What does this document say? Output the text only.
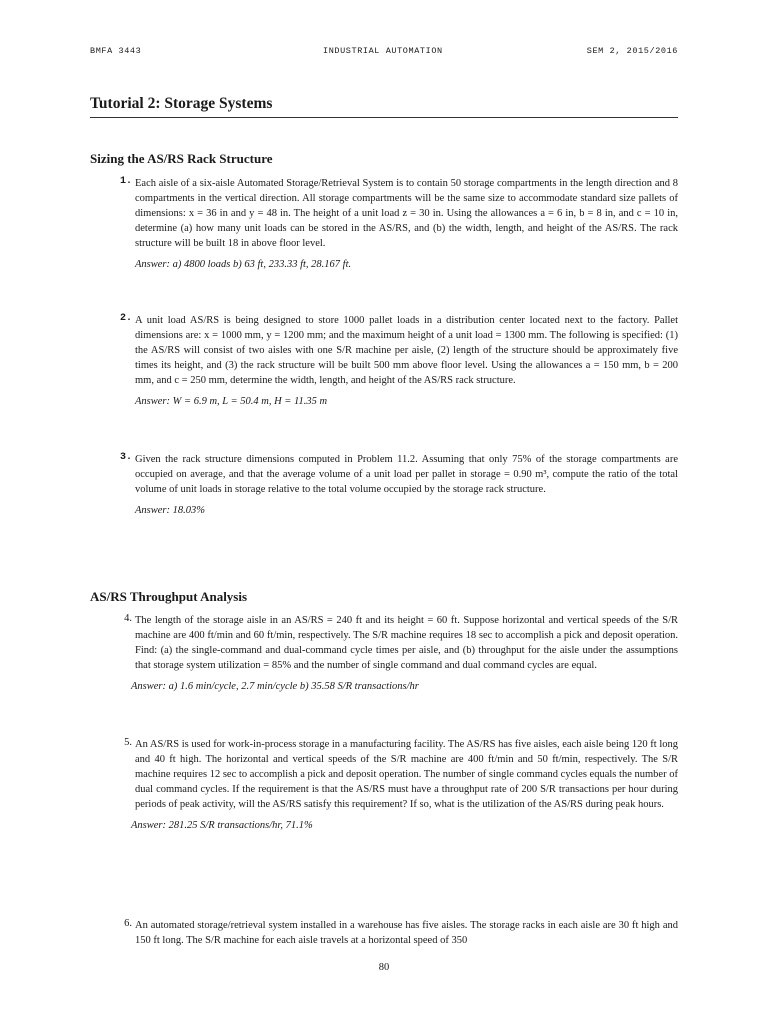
BMFA 3443	INDUSTRIAL AUTOMATION	SEM 2, 2015/2016
Tutorial 2: Storage Systems
Sizing the AS/RS Rack Structure
1. Each aisle of a six-aisle Automated Storage/Retrieval System is to contain 50 storage compartments in the length direction and 8 compartments in the vertical direction. All storage compartments will be the same size to accommodate standard size pallets of dimensions: x = 36 in and y = 48 in. The height of a unit load z = 30 in. Using the allowances a = 6 in, b = 8 in, and c = 10 in, determine (a) how many unit loads can be stored in the AS/RS, and (b) the width, length, and height of the AS/RS. The rack structure will be built 18 in above floor level.
Answer: a) 4800 loads b) 63 ft, 233.33 ft, 28.167 ft.
2. A unit load AS/RS is being designed to store 1000 pallet loads in a distribution center located next to the factory. Pallet dimensions are: x = 1000 mm, y = 1200 mm; and the maximum height of a unit load = 1300 mm. The following is specified: (1) the AS/RS will consist of two aisles with one S/R machine per aisle, (2) length of the structure should be approximately five times its height, and (3) the rack structure will be built 500 mm above floor level. Using the allowances a = 150 mm, b = 200 mm, and c = 250 mm, determine the width, length, and height of the AS/RS rack structure.
Answer: W = 6.9 m, L = 50.4 m, H = 11.35 m
3. Given the rack structure dimensions computed in Problem 11.2. Assuming that only 75% of the storage compartments are occupied on average, and that the average volume of a unit load per pallet in storage = 0.90 m³, compute the ratio of the total volume of unit loads in storage relative to the total volume occupied by the storage rack structure.
Answer: 18.03%
AS/RS Throughput Analysis
4. The length of the storage aisle in an AS/RS = 240 ft and its height = 60 ft. Suppose horizontal and vertical speeds of the S/R machine are 400 ft/min and 60 ft/min, respectively. The S/R machine requires 18 sec to accomplish a pick and deposit operation. Find: (a) the single-command and dual-command cycle times per aisle, and (b) throughput for the aisle under the assumptions that storage system utilization = 85% and the number of single command and dual command cycles are equal.
Answer: a) 1.6 min/cycle, 2.7 min/cycle b) 35.58 S/R transactions/hr
5. An AS/RS is used for work-in-process storage in a manufacturing facility. The AS/RS has five aisles, each aisle being 120 ft long and 40 ft high. The horizontal and vertical speeds of the S/R machine are 400 ft/min and 50 ft/min, respectively. The S/R machine requires 12 sec to accomplish a pick and deposit operation. The number of single command cycles equals the number of dual command cycles. If the requirement is that the AS/RS must have a throughput rate of 200 S/R transactions per hour during periods of peak activity, will the AS/RS satisfy this requirement? If so, what is the utilization of the AS/RS during peak hours.
Answer: 281.25 S/R transactions/hr, 71.1%
6. An automated storage/retrieval system installed in a warehouse has five aisles. The storage racks in each aisle are 30 ft high and 150 ft long. The S/R machine for each aisle travels at a horizontal speed of 350
80
